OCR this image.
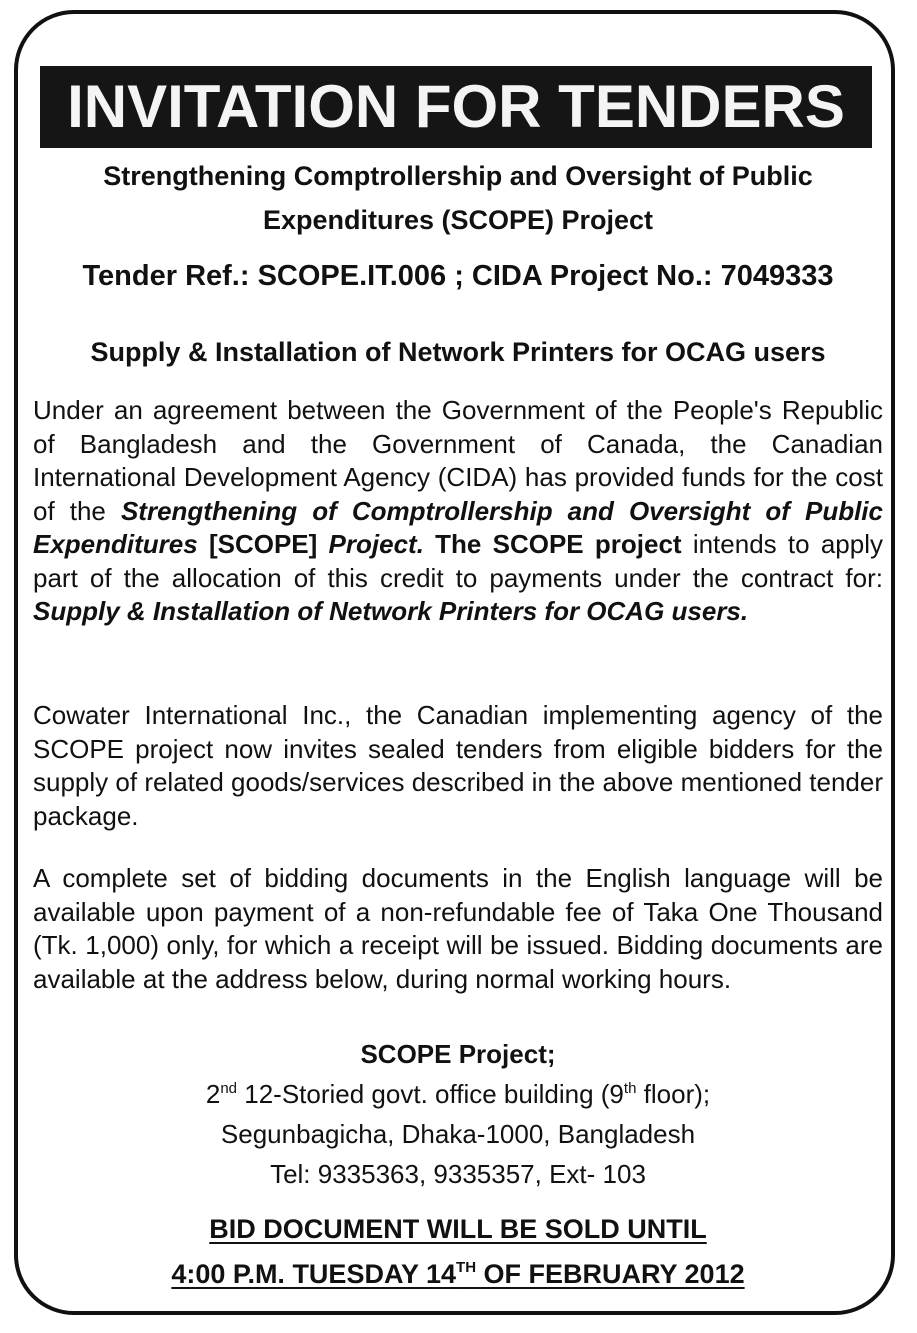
INVITATION FOR TENDERS
Strengthening Comptrollership and Oversight of Public
Expenditures (SCOPE) Project
Tender Ref.: SCOPE.IT.006 ; CIDA Project No.: 7049333
Supply & Installation of Network Printers for OCAG users
Under an agreement between the Government of the People's Republic of Bangladesh and the Government of Canada, the Canadian International Development Agency (CIDA) has provided funds for the cost of the Strengthening of Comptrollership and Oversight of Public Expenditures [SCOPE] Project. The SCOPE project intends to apply part of the allocation of this credit to payments under the contract for: Supply & Installation of Network Printers for OCAG users.
Cowater International Inc., the Canadian implementing agency of the SCOPE project now invites sealed tenders from eligible bidders for the supply of related goods/services described in the above mentioned tender package.
A complete set of bidding documents in the English language will be available upon payment of a non-refundable fee of Taka One Thousand (Tk. 1,000) only, for which a receipt will be issued. Bidding documents are available at the address below, during normal working hours.
SCOPE Project;
2nd 12-Storied govt. office building (9th floor);
Segunbagicha, Dhaka-1000, Bangladesh
Tel: 9335363, 9335357, Ext- 103
BID DOCUMENT WILL BE SOLD UNTIL
4:00 P.M. TUESDAY 14TH OF FEBRUARY 2012
